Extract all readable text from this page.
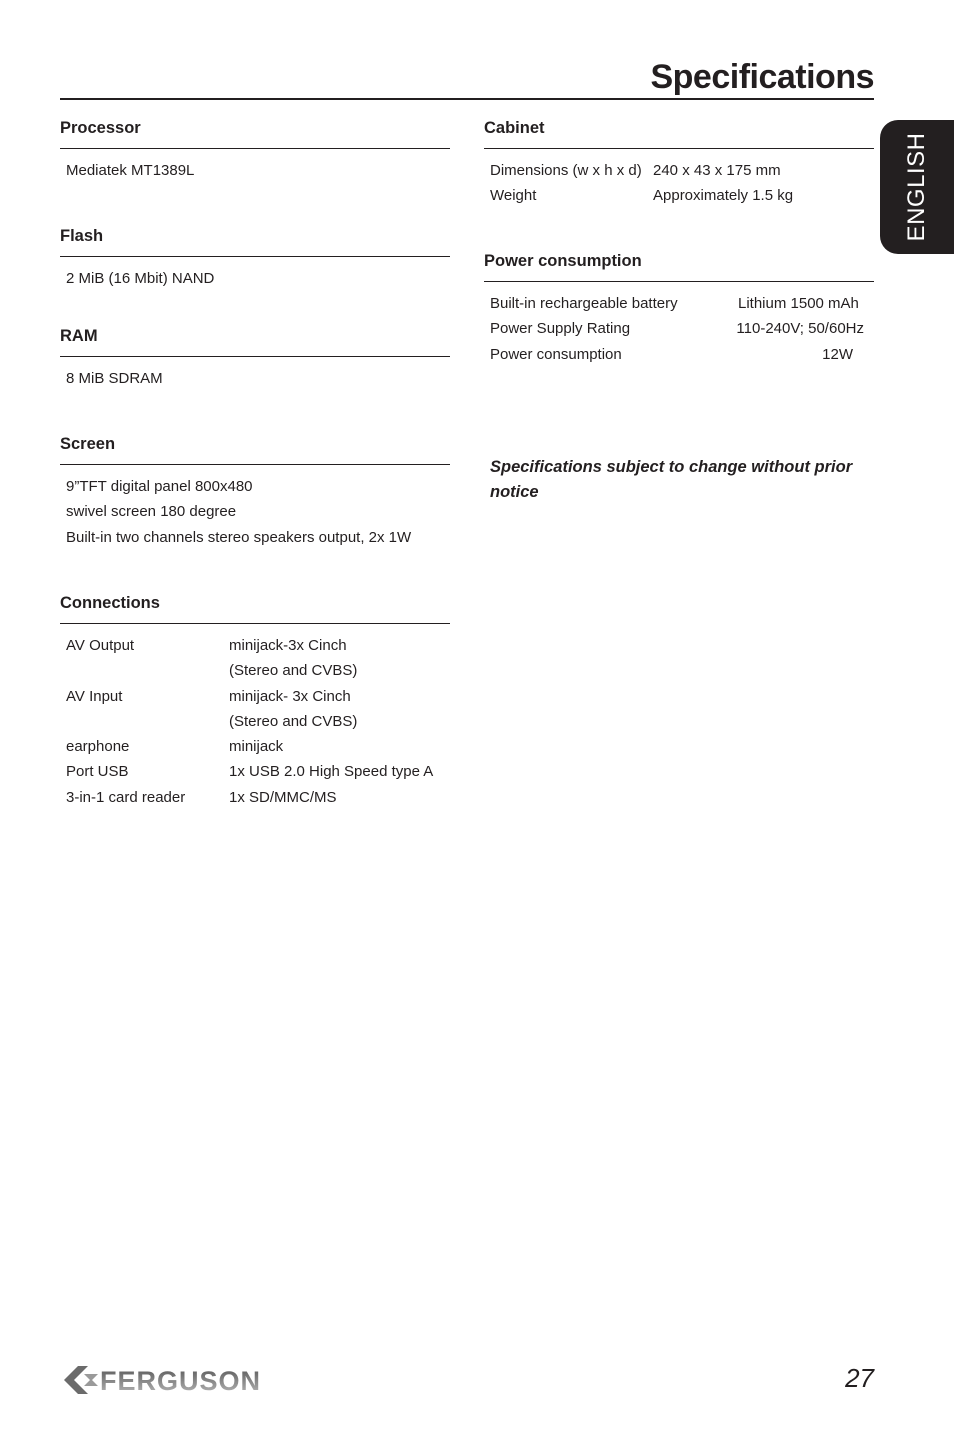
Specifications
ENGLISH
Processor
Mediatek MT1389L
Flash
2 MiB (16 Mbit) NAND
RAM
8 MiB SDRAM
Screen
9”TFT digital panel 800x480
swivel screen 180 degree
Built-in two channels stereo speakers output, 2x 1W
Connections
AV Output	minijack-3x Cinch
(Stereo and CVBS)
AV Input	minijack- 3x Cinch
(Stereo and CVBS)
earphone	minijack
Port USB	1x USB 2.0 High Speed type A
3-in-1 card reader	1x SD/MMC/MS
Cabinet
Dimensions (w x h x d) 240 x 43 x 175 mm
Weight	Approximately 1.5 kg
Power consumption
Built-in rechargeable battery	Lithium 1500 mAh
Power Supply Rating	110-240V; 50/60Hz
Power consumption	12W

Specifications subject to change without prior notice

FERGUSON	27
